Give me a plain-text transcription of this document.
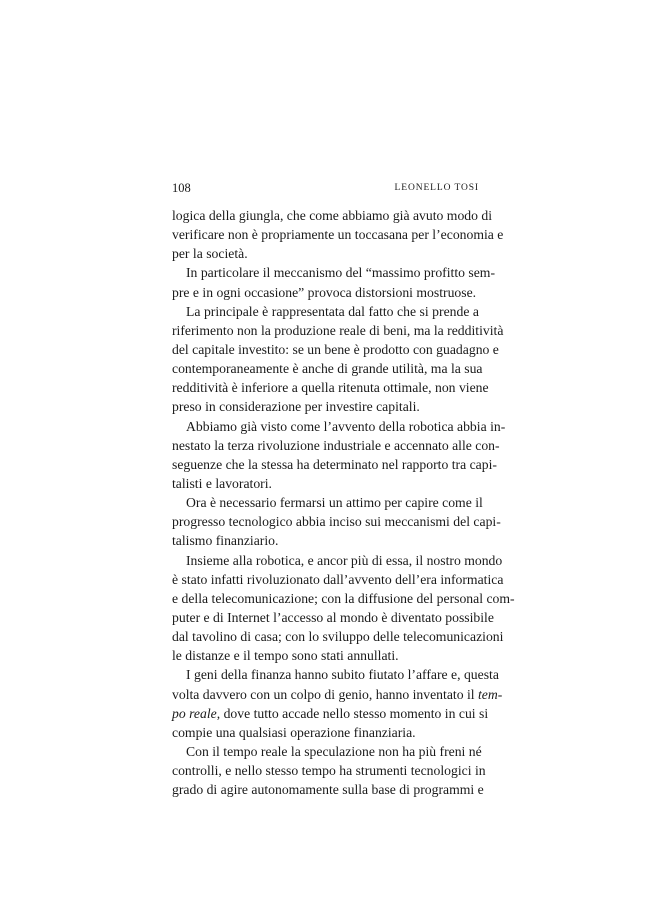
108	LEONELLO TOSI
logica della giungla, che come abbiamo già avuto modo di
verificare non è propriamente un toccasana per l’economia e
per la società.
In particolare il meccanismo del “massimo profitto sem-
pre e in ogni occasione” provoca distorsioni mostruose.
La principale è rappresentata dal fatto che si prende a
riferimento non la produzione reale di beni, ma la redditività
del capitale investito: se un bene è prodotto con guadagno e
contemporaneamente è anche di grande utilità, ma la sua
redditività è inferiore a quella ritenuta ottimale, non viene
preso in considerazione per investire capitali.
Abbiamo già visto come l’avvento della robotica abbia in-
nestato la terza rivoluzione industriale e accennato alle con-
seguenze che la stessa ha determinato nel rapporto tra capi-
talisti e lavoratori.
Ora è necessario fermarsi un attimo per capire come il
progresso tecnologico abbia inciso sui meccanismi del capi-
talismo finanziario.
Insieme alla robotica, e ancor più di essa, il nostro mondo
è stato infatti rivoluzionato dall’avvento dell’era informatica
e della telecomunicazione; con la diffusione del personal com-
puter e di Internet l’accesso al mondo è diventato possibile
dal tavolino di casa; con lo sviluppo delle telecomunicazioni
le distanze e il tempo sono stati annullati.
I geni della finanza hanno subito fiutato l’affare e, questa
volta davvero con un colpo di genio, hanno inventato il tem-
po reale, dove tutto accade nello stesso momento in cui si
compie una qualsiasi operazione finanziaria.
Con il tempo reale la speculazione non ha più freni né
controlli, e nello stesso tempo ha strumenti tecnologici in
grado di agire autonomamente sulla base di programmi e
